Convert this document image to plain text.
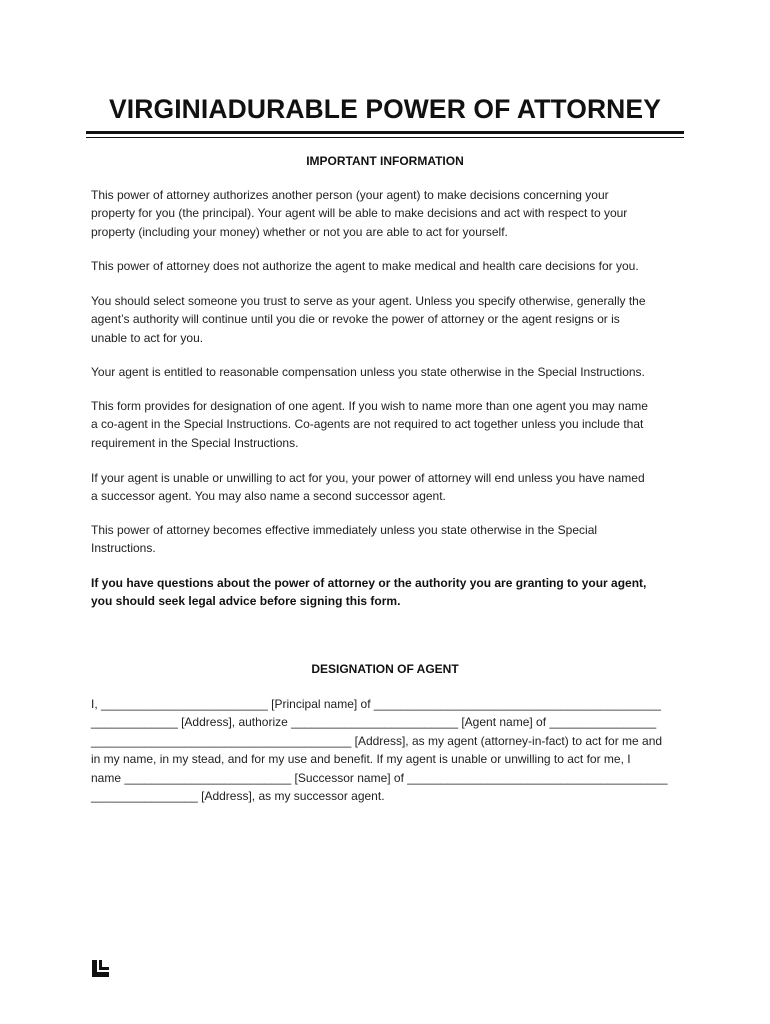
VIRGINIADURABLE POWER OF ATTORNEY
IMPORTANT INFORMATION

This power of attorney authorizes another person (your agent) to make decisions concerning your
property for you (the principal). Your agent will be able to make decisions and act with respect to your
property (including your money) whether or not you are able to act for yourself.

This power of attorney does not authorize the agent to make medical and health care decisions for you.

You should select someone you trust to serve as your agent. Unless you specify otherwise, generally the
agent’s authority will continue until you die or revoke the power of attorney or the agent resigns or is
unable to act for you.

Your agent is entitled to reasonable compensation unless you state otherwise in the Special Instructions.

This form provides for designation of one agent. If you wish to name more than one agent you may name
a co-agent in the Special Instructions. Co-agents are not required to act together unless you include that
requirement in the Special Instructions.

If your agent is unable or unwilling to act for you, your power of attorney will end unless you have named
a successor agent. You may also name a second successor agent.

This power of attorney becomes effective immediately unless you state otherwise in the Special
Instructions.

If you have questions about the power of attorney or the authority you are granting to your agent,
you should seek legal advice before signing this form.

DESIGNATION OF AGENT

I, _________________________ [Principal name] of ___________________________________________
_____________ [Address], authorize _________________________ [Agent name] of ________________
_______________________________________ [Address], as my agent (attorney-in-fact) to act for me and
in my name, in my stead, and for my use and benefit. If my agent is unable or unwilling to act for me, I
name _________________________ [Successor name] of _______________________________________
________________ [Address], as my successor agent.
